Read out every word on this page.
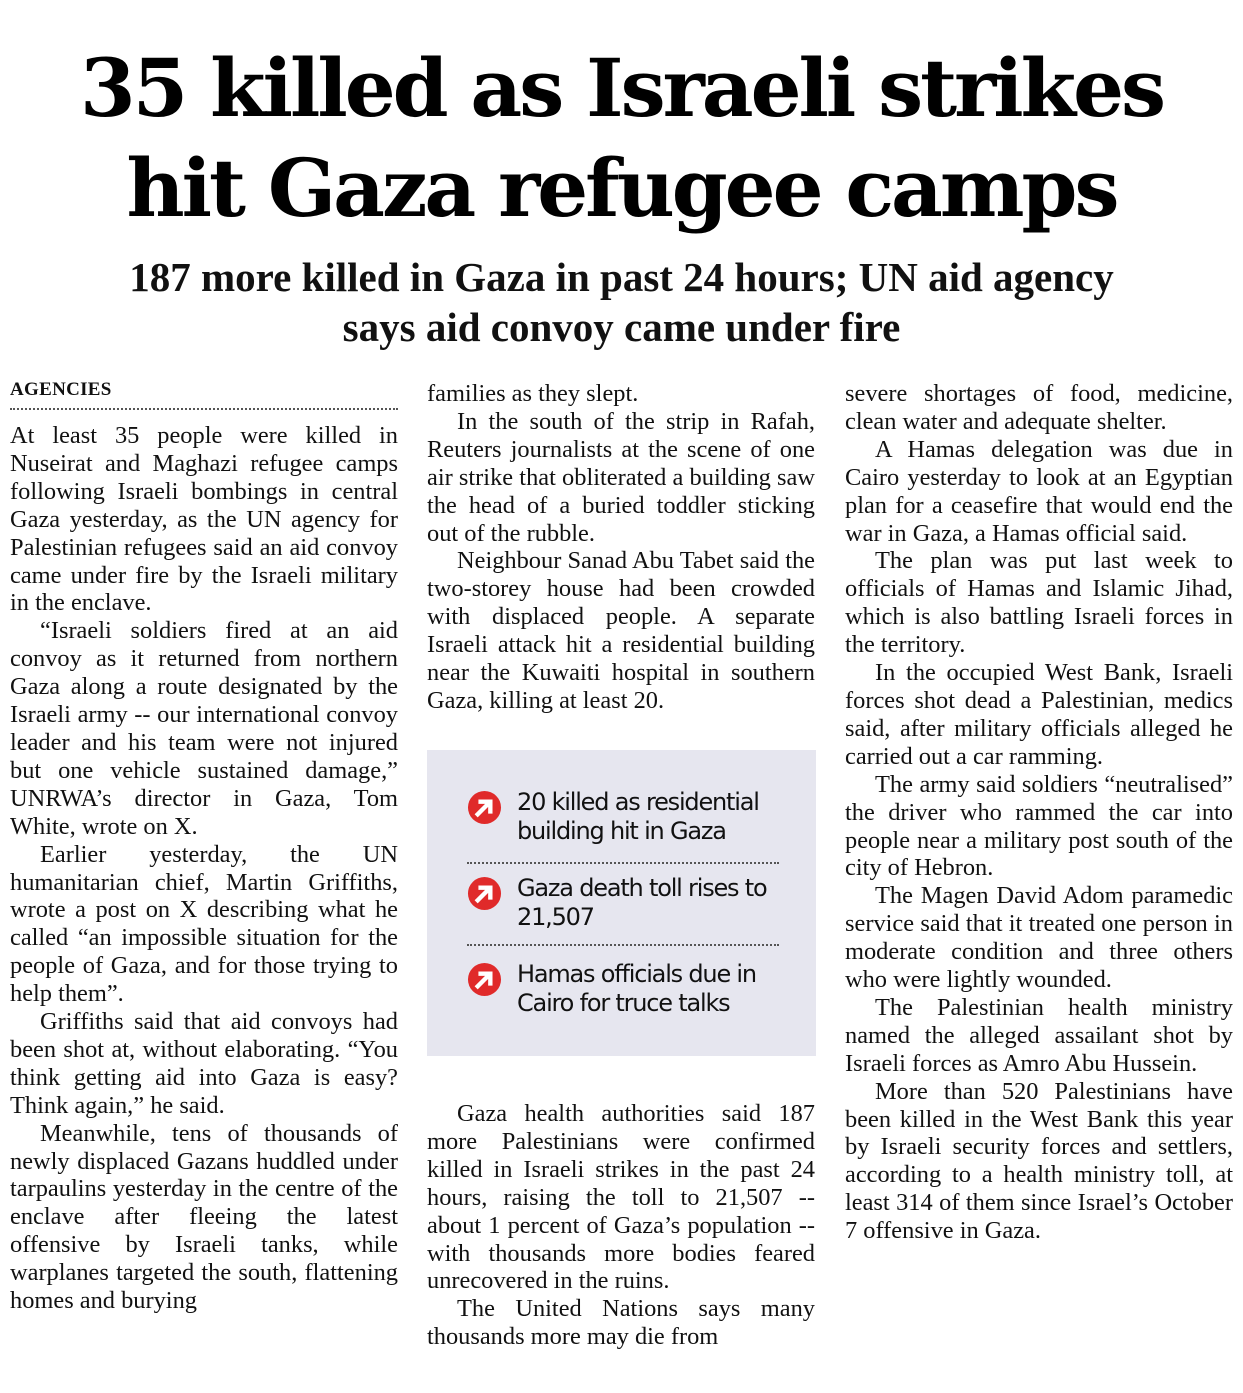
35 killed as Israeli strikes
hit Gaza refugee camps
187 more killed in Gaza in past 24 hours; UN aid agency
says aid convoy came under fire
AGENCIES

At least 35 people were killed in Nuseirat and Maghazi refugee camps following Israeli bombings in central Gaza yesterday, as the UN agency for Palestinian refugees said an aid convoy came under fire by the Israeli military in the enclave.

“Israeli soldiers fired at an aid convoy as it returned from northern Gaza along a route designated by the Israeli army -- our international convoy leader and his team were not injured but one vehicle sustained damage,” UNRWA’s director in Gaza, Tom White, wrote on X.

Earlier yesterday, the UN humanitarian chief, Martin Griffiths, wrote a post on X describing what he called “an impossible situation for the people of Gaza, and for those trying to help them”.

Griffiths said that aid convoys had been shot at, without elaborating. “You think getting aid into Gaza is easy? Think again,” he said.

Meanwhile, tens of thousands of newly displaced Gazans huddled under tarpaulins yesterday in the centre of the enclave after fleeing the latest offensive by Israeli tanks, while warplanes targeted the south, flattening homes and burying

families as they slept.

In the south of the strip in Rafah, Reuters journalists at the scene of one air strike that obliterated a building saw the head of a buried toddler sticking out of the rubble.

Neighbour Sanad Abu Tabet said the two-storey house had been crowded with displaced people. A separate Israeli attack hit a residential building near the Kuwaiti hospital in southern Gaza, killing at least 20.

20 killed as residential building hit in Gaza
Gaza death toll rises to 21,507
Hamas officials due in Cairo for truce talks

Gaza health authorities said 187 more Palestinians were confirmed killed in Israeli strikes in the past 24 hours, raising the toll to 21,507 -- about 1 percent of Gaza’s population -- with thousands more bodies feared unrecovered in the ruins.

The United Nations says many thousands more may die from

severe shortages of food, medicine, clean water and adequate shelter.

A Hamas delegation was due in Cairo yesterday to look at an Egyptian plan for a ceasefire that would end the war in Gaza, a Hamas official said.

The plan was put last week to officials of Hamas and Islamic Jihad, which is also battling Israeli forces in the territory.

In the occupied West Bank, Israeli forces shot dead a Palestinian, medics said, after military officials alleged he carried out a car ramming.

The army said soldiers “neutralised” the driver who rammed the car into people near a military post south of the city of Hebron.

The Magen David Adom paramedic service said that it treated one person in moderate condition and three others who were lightly wounded.

The Palestinian health ministry named the alleged assailant shot by Israeli forces as Amro Abu Hussein.

More than 520 Palestinians have been killed in the West Bank this year by Israeli security forces and settlers, according to a health ministry toll, at least 314 of them since Israel’s October 7 offensive in Gaza.
